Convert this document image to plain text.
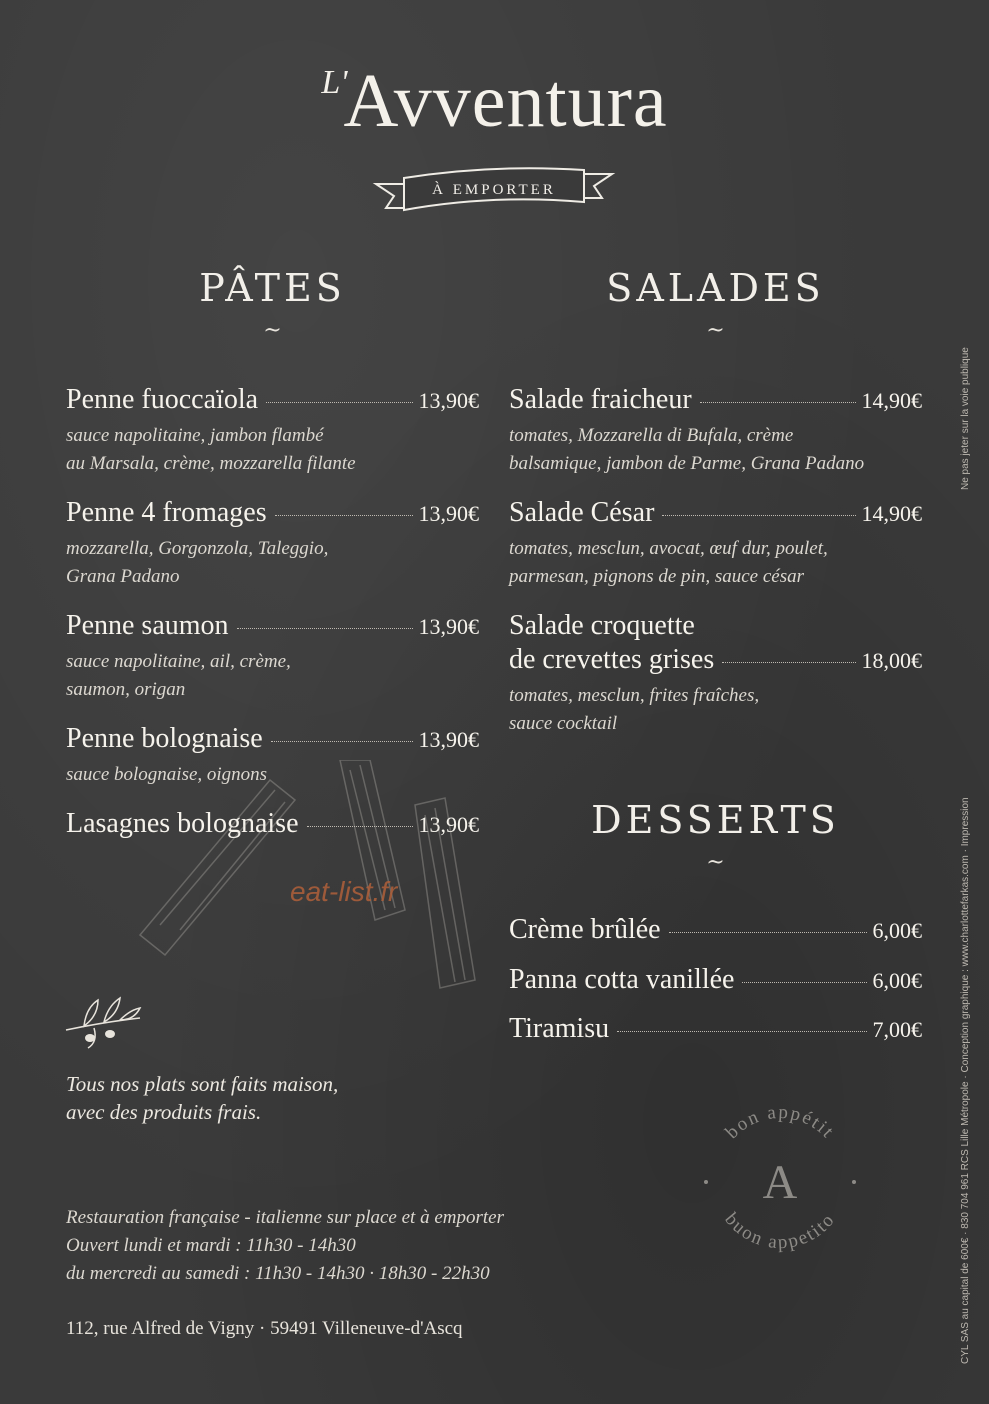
L'Avventura
À EMPORTER
PÂTES
~
Penne fuoccaïola	13,90€
sauce napolitaine, jambon flambé
au Marsala, crème, mozzarella filante
Penne 4 fromages	13,90€
mozzarella, Gorgonzola, Taleggio,
Grana Padano
Penne saumon	13,90€
sauce napolitaine, ail, crème,
saumon, origan
Penne bolognaise	13,90€
sauce bolognaise, oignons
Lasagnes bolognaise	13,90€
eat-list.fr
Tous nos plats sont faits maison,
avec des produits frais.
SALADES
~
Salade fraicheur	14,90€
tomates, Mozzarella di Bufala, crème
balsamique, jambon de Parme, Grana Padano
Salade César	14,90€
tomates, mesclun, avocat, œuf dur, poulet,
parmesan, pignons de pin, sauce césar
Salade croquette
de crevettes grises	18,00€
tomates, mesclun, frites fraîches,
sauce cocktail
DESSERTS
~
Crème brûlée	6,00€
Panna cotta vanillée	6,00€
Tiramisu	7,00€
bon appétit
buon appetito
A
Restauration française - italienne sur place et à emporter
Ouvert lundi et mardi : 11h30 - 14h30
du mercredi au samedi : 11h30 - 14h30 · 18h30 - 22h30
112, rue Alfred de Vigny · 59491 Villeneuve-d'Ascq
Ne pas jeter sur la voie publique
CYL SAS au capital de 600€ · 830 704 961 RCS Lille Métropole · Conception graphique : www.charlottefarkas.com · Impression
